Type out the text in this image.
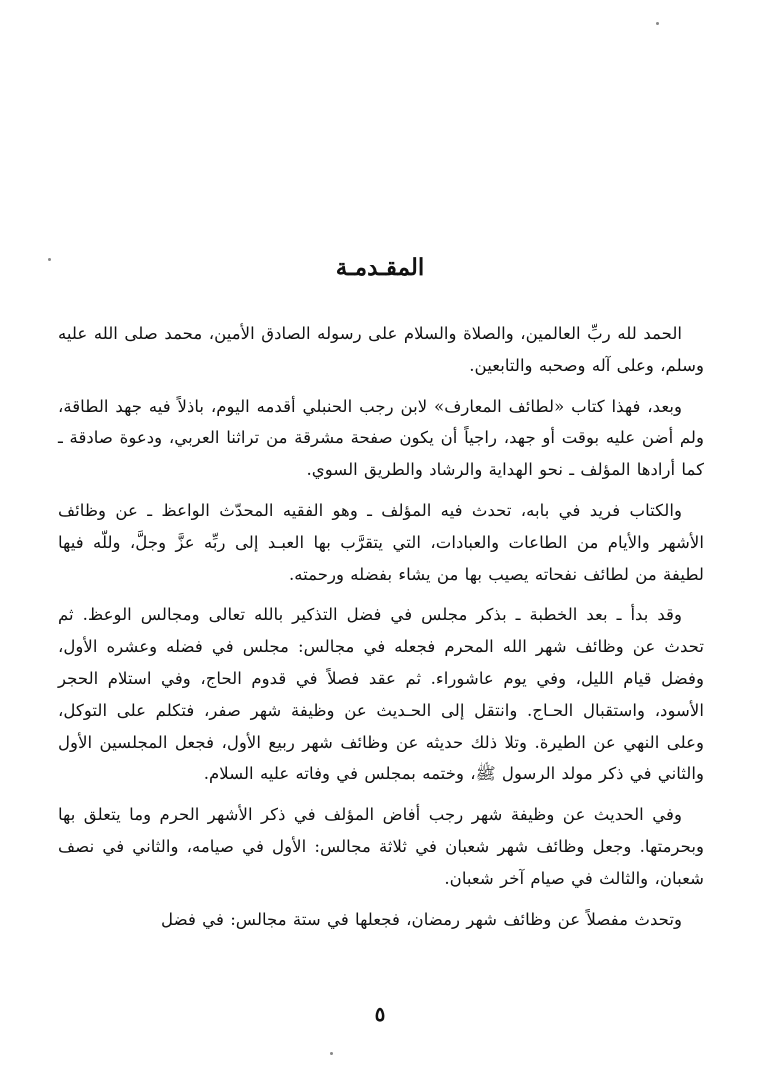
المقـدمـة

الحمد لله ربِّ العالمين، والصلاة والسلام على رسوله الصادق الأمين، محمد صلى الله عليه وسلم، وعلى آله وصحبه والتابعين.

وبعد، فهذا كتاب «لطائف المعارف» لابن رجب الحنبلي أقدمه اليوم، باذلاً فيه جهد الطاقة، ولم أضن عليه بوقت أو جهد، راجياً أن يكون صفحة مشرقة من تراثنا العربي، ودعوة صادقة ـ كما أرادها المؤلف ـ نحو الهداية والرشاد والطريق السوي.

والكتاب فريد في بابه، تحدث فيه المؤلف ـ وهو الفقيه المحدّث الواعظ ـ عن وظائف الأشهر والأيام من الطاعات والعبادات، التي يتقرَّب بها العبـد إلى ربِّه عزَّ وجلَّ، وللّه فيها لطيفة من لطائف نفحاته يصيب بها من يشاء بفضله ورحمته.

وقد بدأ ـ بعد الخطبة ـ بذكر مجلس في فضل التذكير بالله تعالى ومجالس الوعظ. ثم تحدث عن وظائف شهر الله المحرم فجعله في مجالس: مجلس في فضله وعشره الأول، وفضل قيام الليل، وفي يوم عاشوراء. ثم عقد فصلاً في قدوم الحاج، وفي استلام الحجر الأسود، واستقبال الحـاج. وانتقل إلى الحـديث عن وظيفة شهر صفر، فتكلم على التوكل، وعلى النهي عن الطيرة. وتلا ذلك حديثه عن وظائف شهر ربيع الأول، فجعل المجلسين الأول والثاني في ذكر مولد الرسول ﷺ، وختمه بمجلس في وفاته عليه السلام.

وفي الحديث عن وظيفة شهر رجب أفاض المؤلف في ذكر الأشهر الحرم وما يتعلق بها وبحرمتها. وجعل وظائف شهر شعبان في ثلاثة مجالس: الأول في صيامه، والثاني في نصف شعبان، والثالث في صيام آخر شعبان.

وتحدث مفصلاً عن وظائف شهر رمضان، فجعلها في ستة مجالس: في فضل

٥
